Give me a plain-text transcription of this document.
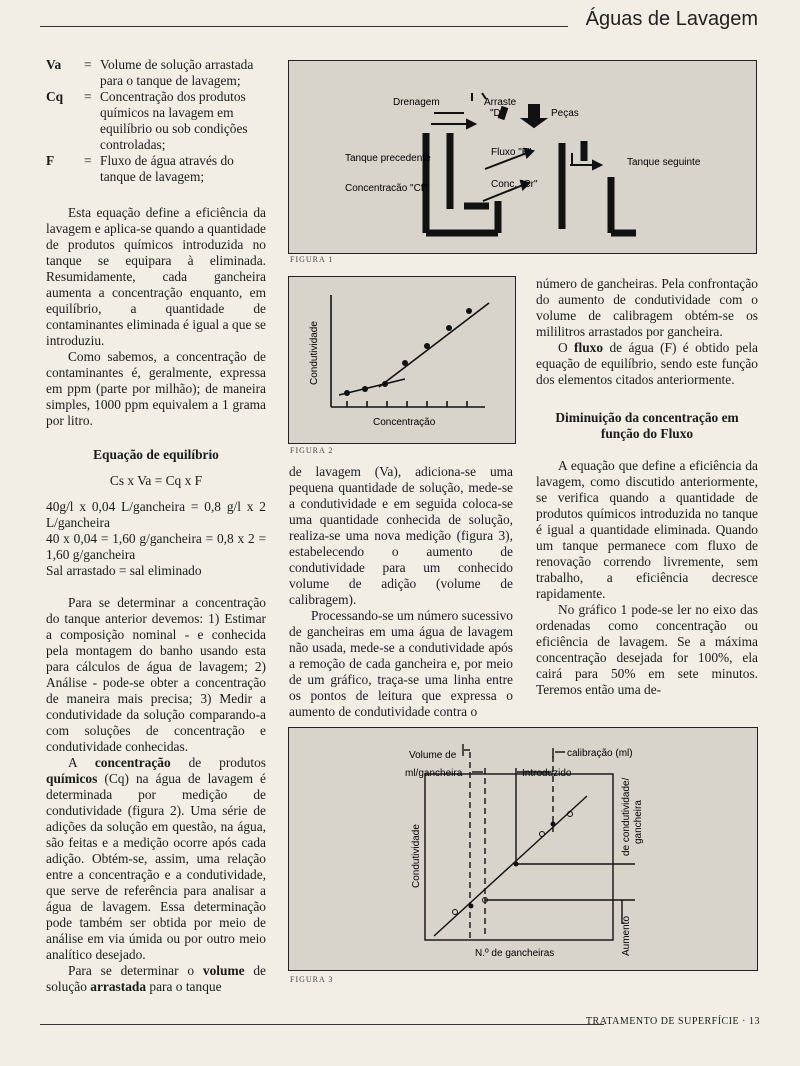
Águas de Lavagem
Va	= Volume de solução arrastada para o tanque de lavagem;
Cq	= Concentração dos produtos químicos na lavagem em equilíbrio ou sob condições controladas;
F	= Fluxo de água através do tanque de lavagem;

Esta equação define a eficiência da lavagem e aplica-se quando a quantidade de produtos químicos introduzida no tanque se equipara à eliminada. Resumidamente, cada gancheira aumenta a concentração enquanto, em equilíbrio, a quantidade de contaminantes eliminada é igual a que se introduziu.

Como sabemos, a concentração de contaminantes é, geralmente, expressa em ppm (parte por milhão); de maneira simples, 1000 ppm equivalem a 1 grama por litro.

Equação de equilíbrio

Cs x Va = Cq x F

40g/l x 0,04 L/gancheira = 0,8 g/l x 2 L/gancheira

40 x 0,04 = 1,60 g/gancheira = 0,8 x 2 = 1,60 g/gancheira

Sal arrastado = sal eliminado

Para se determinar a concentração do tanque anterior devemos: 1) Estimar a composição nominal - e conhecida pela montagem do banho usando esta para cálculos de água de lavagem; 2) Análise - pode-se obter a concentração de maneira mais precisa; 3) Medir a condutividade da solução comparando-a com soluções de concentração e condutividade conhecidas.

A concentração de produtos químicos (Cq) na água de lavagem é determinada por medição de condutividade (figura 2). Uma série de adições da solução em questão, na água, são feitas e a medição ocorre após cada adição. Obtém-se, assim, uma relação entre a concentração e a condutividade, que serve de referência para analisar a água de lavagem. Essa determinação pode também ser obtida por meio de análise em via úmida ou por outro meio analítico desejado.

Para se determinar o volume de solução arrastada para o tanque

Drenagem	Arraste
"D"	Peças
Tanque precedente
Fluxo "F"
Tanque seguinte
Concentracão "Cf"	Conc. "Cr"
FIGURA 1
Concentração
Condutividade
FIGURA 2

de lavagem (Va), adiciona-se uma pequena quantidade de solução, mede-se a condutividade e em seguida coloca-se uma quantidade conhecida de solução, realiza-se uma nova medição (figura 3), estabelecendo o aumento de condutividade para um conhecido volume de adição (volume de calibragem).

Processando-se um número sucessivo de gancheiras em uma água de lavagem não usada, mede-se a condutividade após a remoção de cada gancheira e, por meio de um gráfico, traça-se uma linha entre os pontos de leitura que expressa o aumento de condutividade contra o

número de gancheiras. Pela confrontação do aumento de condutividade com o volume de calibragem obtém-se os mililitros arrastados por gancheira.

O fluxo de água (F) é obtido pela equação de equilíbrio, sendo este função dos elementos citados anteriormente.

Diminuição da concentração em função do Fluxo

A equação que define a eficiência da lavagem, como discutido anteriormente, se verifica quando a quantidade de produtos químicos introduzida no tanque é igual a quantidade eliminada. Quando um tanque permanece com fluxo de renovação correndo livremente, sem trabalho, a eficiência decresce rapidamente.

No gráfico 1 pode-se ler no eixo das ordenadas como concentração ou eficiência de lavagem. Se a máxima concentração desejada for 100%, ela cairá para 50% em sete minutos. Teremos então uma de-

Volume de
ml/gancheira	Introduzido
calibração (ml)
Condutividade
de condutividade/ gancheira
Aumento
N.º de gancheiras
FIGURA 3
TRATAMENTO DE SUPERFÍCIE · 13
